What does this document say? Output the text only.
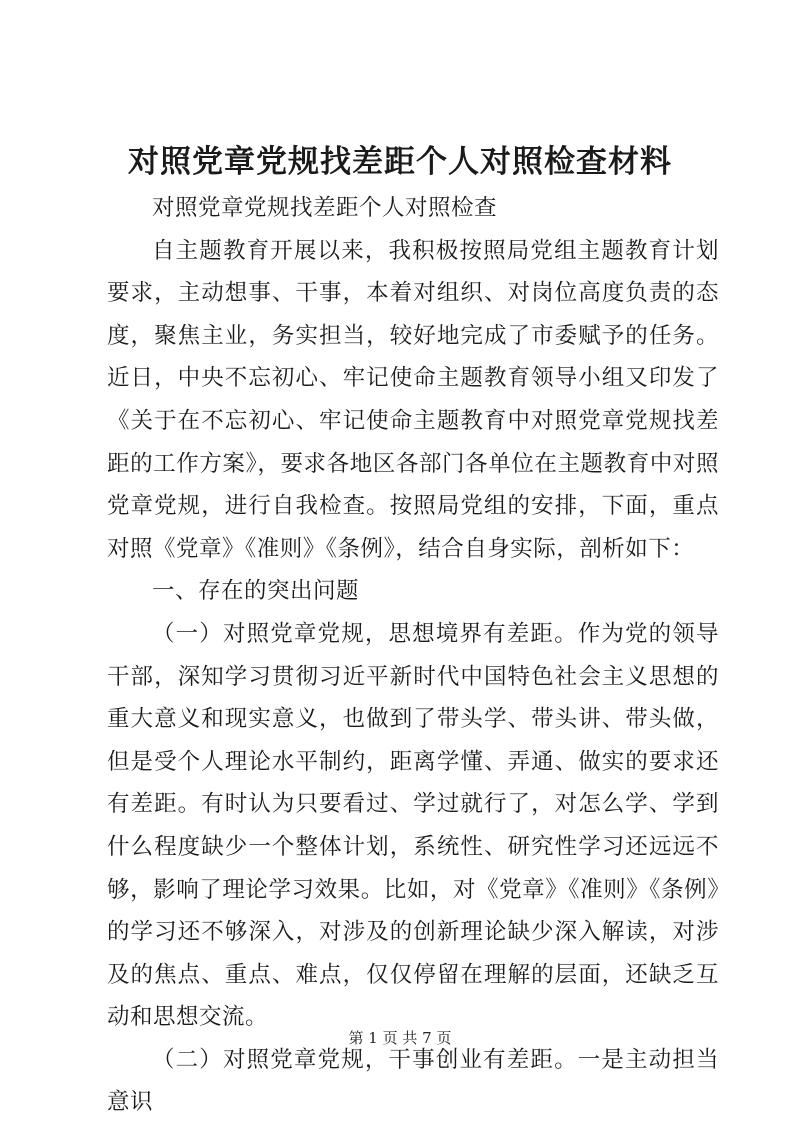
对照党章党规找差距个人对照检查材料

对照党章党规找差距个人对照检查

自主题教育开展以来，我积极按照局党组主题教育计划要求，主动想事、干事，本着对组织、对岗位高度负责的态度，聚焦主业，务实担当，较好地完成了市委赋予的任务。近日，中央不忘初心、牢记使命主题教育领导小组又印发了《关于在不忘初心、牢记使命主题教育中对照党章党规找差距的工作方案》，要求各地区各部门各单位在主题教育中对照党章党规，进行自我检查。按照局党组的安排，下面，重点对照《党章》《准则》《条例》，结合自身实际，剖析如下：

一、存在的突出问题

（一）对照党章党规，思想境界有差距。作为党的领导干部，深知学习贯彻习近平新时代中国特色社会主义思想的重大意义和现实意义，也做到了带头学、带头讲、带头做，但是受个人理论水平制约，距离学懂、弄通、做实的要求还有差距。有时认为只要看过、学过就行了，对怎么学、学到什么程度缺少一个整体计划，系统性、研究性学习还远远不够，影响了理论学习效果。比如，对《党章》《准则》《条例》的学习还不够深入，对涉及的创新理论缺少深入解读，对涉及的焦点、重点、难点，仅仅停留在理解的层面，还缺乏互动和思想交流。

（二）对照党章党规，干事创业有差距。一是主动担当意识

第 1 页 共 7 页
